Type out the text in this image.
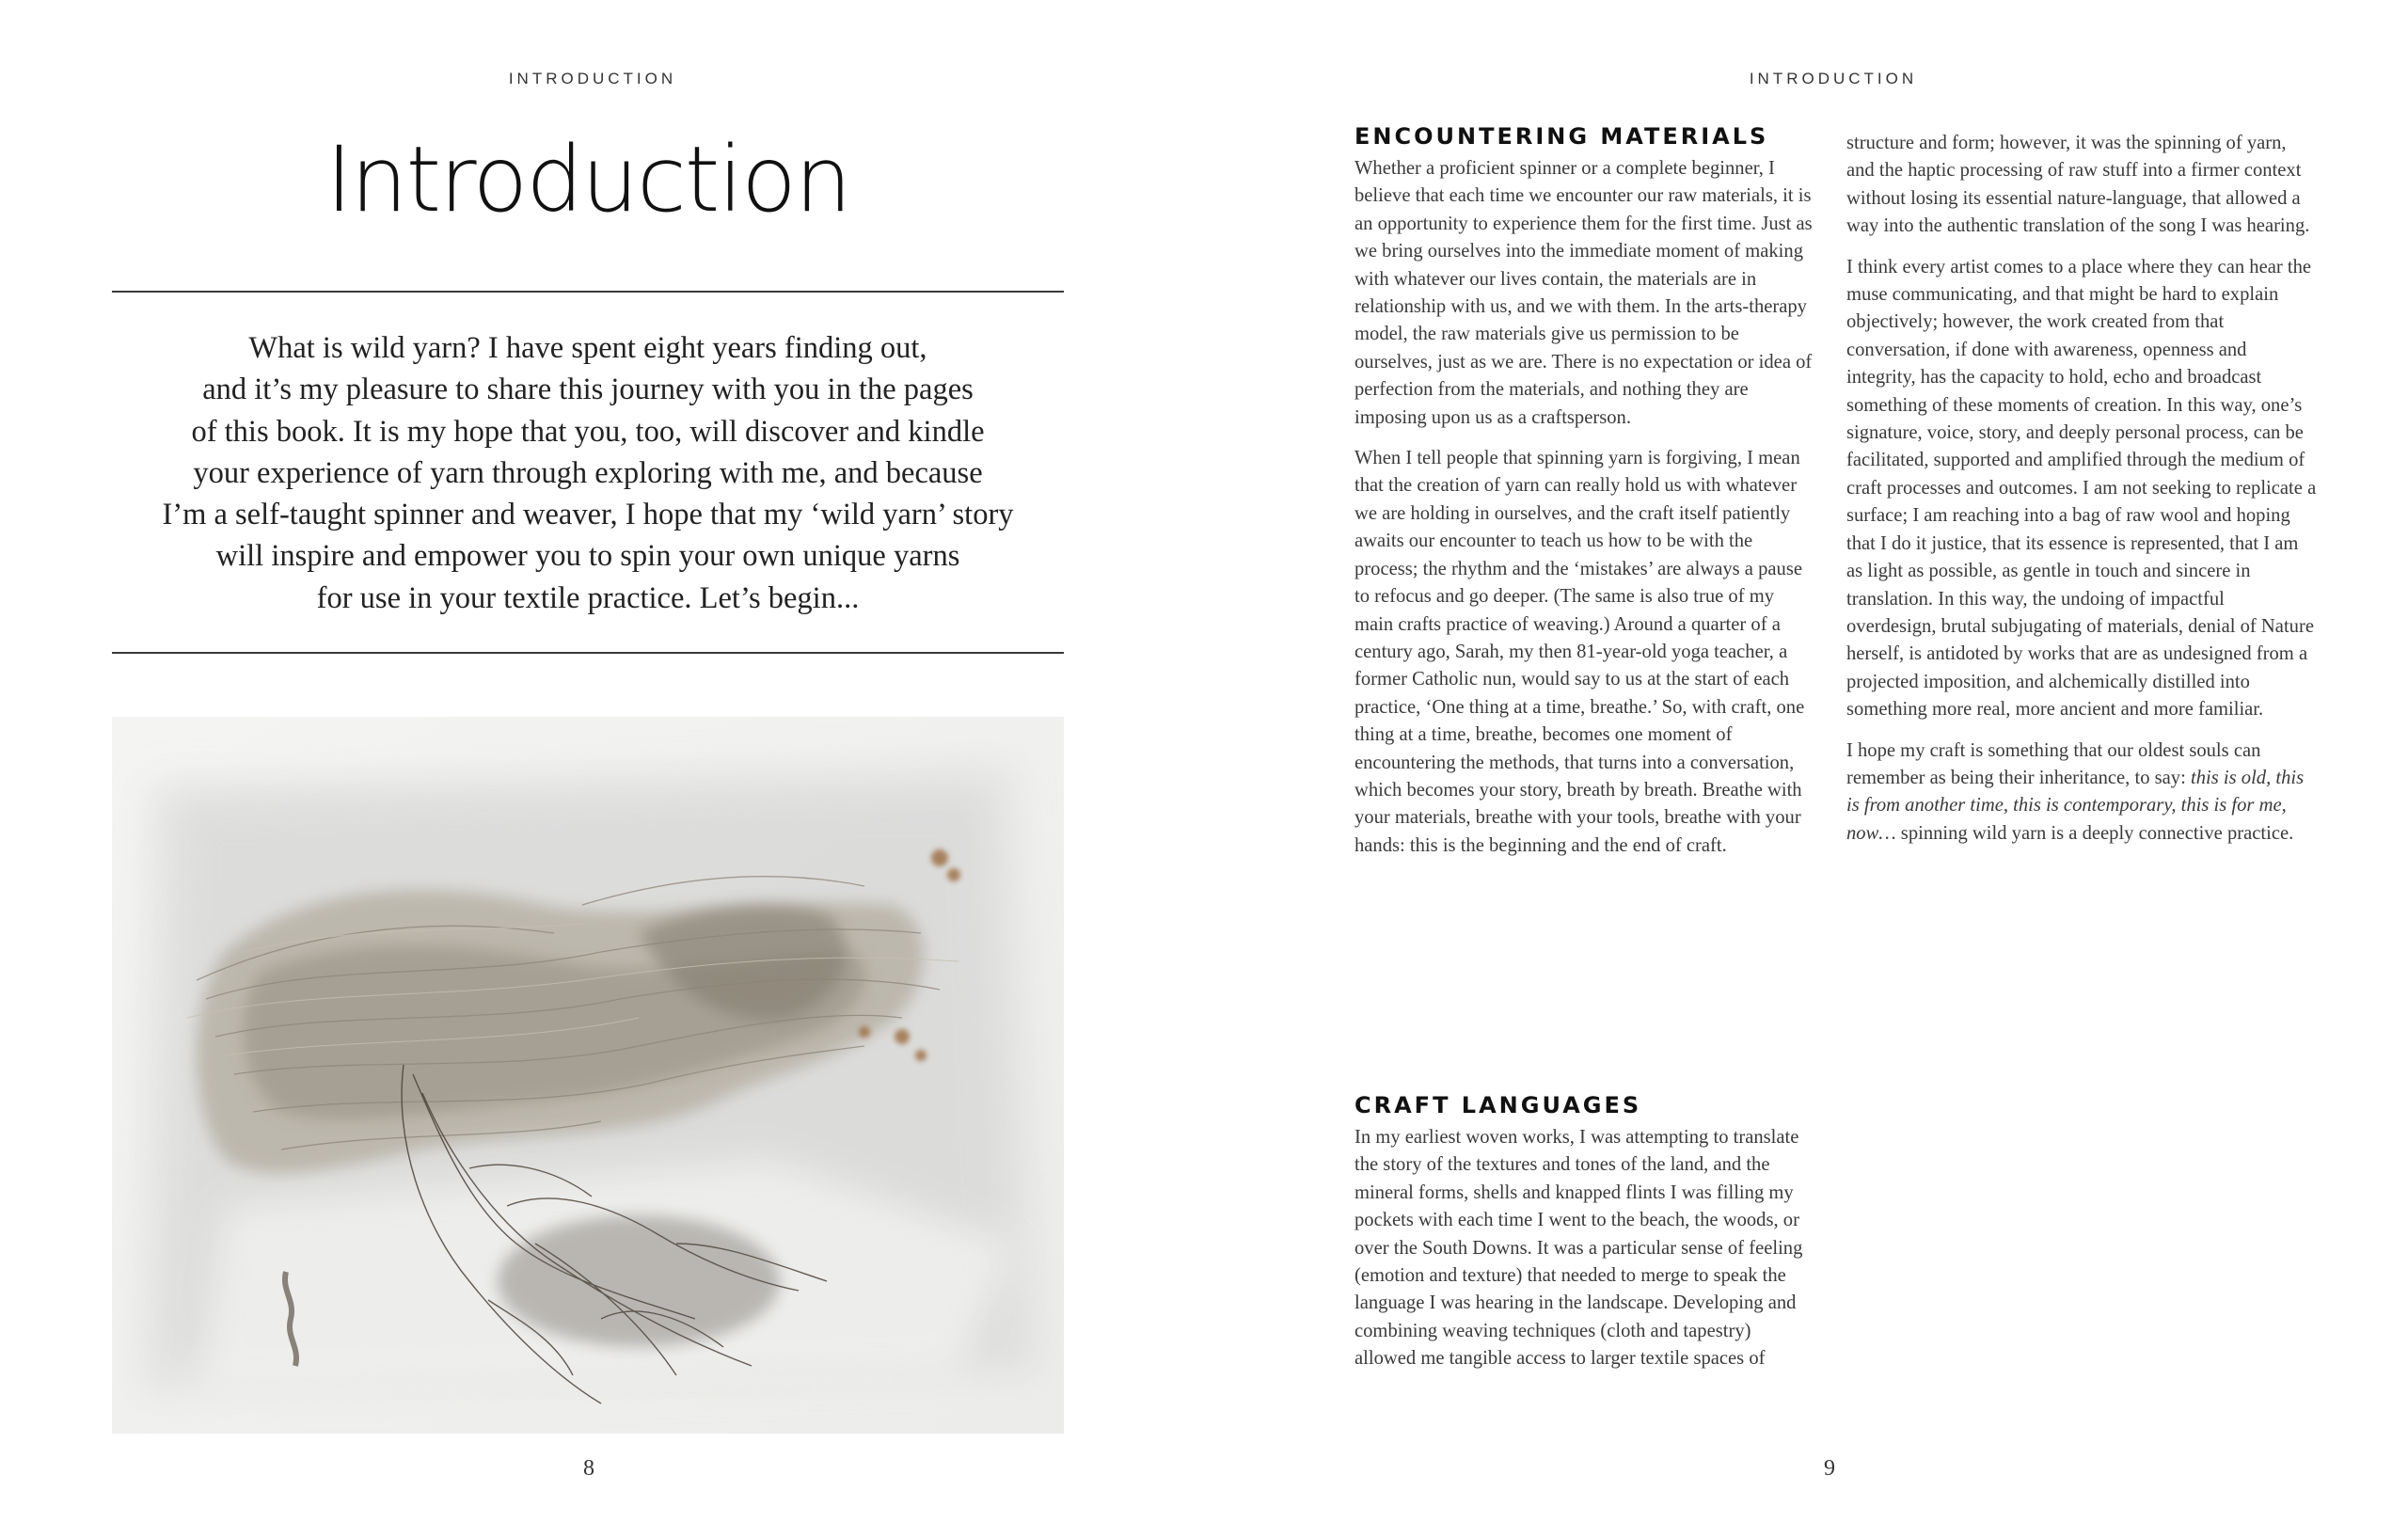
INTRODUCTION
Introduction
What is wild yarn? I have spent eight years finding out,
and it’s my pleasure to share this journey with you in the pages
of this book. It is my hope that you, too, will discover and kindle
your experience of yarn through exploring with me, and because
I’m a self-taught spinner and weaver, I hope that my ‘wild yarn’ story
will inspire and empower you to spin your own unique yarns
for use in your textile practice. Let’s begin...
8
INTRODUCTION
ENCOUNTERING MATERIALS

Whether a proficient spinner or a complete beginner, I believe that each time we encounter our raw materials, it is an opportunity to experience them for the first time. Just as we bring ourselves into the immediate moment of making with whatever our lives contain, the materials are in relationship with us, and we with them. In the arts-therapy model, the raw materials give us permission to be ourselves, just as we are. There is no expectation or idea of perfection from the materials, and nothing they are imposing upon us as a craftsperson.

When I tell people that spinning yarn is forgiving, I mean that the creation of yarn can really hold us with whatever we are holding in ourselves, and the craft itself patiently awaits our encounter to teach us how to be with the process; the rhythm and the ‘mistakes’ are always a pause to refocus and go deeper. (The same is also true of my main crafts practice of weaving.) Around a quarter of a century ago, Sarah, my then 81-year-old yoga teacher, a former Catholic nun, would say to us at the start of each practice, ‘One thing at a time, breathe.’ So, with craft, one thing at a time, breathe, becomes one moment of encountering the methods, that turns into a conversation, which becomes your story, breath by breath. Breathe with your materials, breathe with your tools, breathe with your hands: this is the beginning and the end of craft.

CRAFT LANGUAGES

In my earliest woven works, I was attempting to translate the story of the textures and tones of the land, and the mineral forms, shells and knapped flints I was filling my pockets with each time I went to the beach, the woods, or over the South Downs. It was a particular sense of feeling (emotion and texture) that needed to merge to speak the language I was hearing in the landscape. Developing and combining weaving techniques (cloth and tapestry) allowed me tangible access to larger textile spaces of

structure and form; however, it was the spinning of yarn, and the haptic processing of raw stuff into a firmer context without losing its essential nature-language, that allowed a way into the authentic translation of the song I was hearing.

I think every artist comes to a place where they can hear the muse communicating, and that might be hard to explain objectively; however, the work created from that conversation, if done with awareness, openness and integrity, has the capacity to hold, echo and broadcast something of these moments of creation. In this way, one’s signature, voice, story, and deeply personal process, can be facilitated, supported and amplified through the medium of craft processes and outcomes. I am not seeking to replicate a surface; I am reaching into a bag of raw wool and hoping that I do it justice, that its essence is represented, that I am as light as possible, as gentle in touch and sincere in translation. In this way, the undoing of impactful overdesign, brutal subjugating of materials, denial of Nature herself, is antidoted by works that are as undesigned from a projected imposition, and alchemically distilled into something more real, more ancient and more familiar.

I hope my craft is something that our oldest souls can remember as being their inheritance, to say: this is old, this is from another time, this is contemporary, this is for me, now… spinning wild yarn is a deeply connective practice.

9
